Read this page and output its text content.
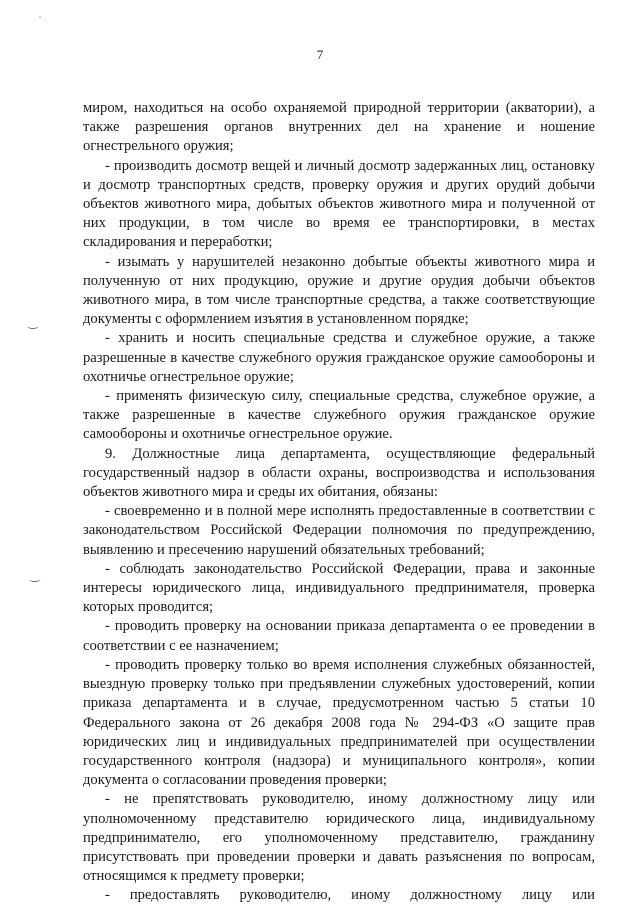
·
‿
‿
7

миром, находиться на особо охраняемой природной территории (акватории), а также разрешения органов внутренних дел на хранение и ношение огнестрельного оружия;

- производить досмотр вещей и личный досмотр задержанных лиц, остановку и досмотр транспортных средств, проверку оружия и других орудий добычи объектов животного мира, добытых объектов животного мира и полученной от них продукции, в том числе во время ее транспортировки, в местах складирования и переработки;

- изымать у нарушителей незаконно добытые объекты животного мира и полученную от них продукцию, оружие и другие орудия добычи объектов животного мира, в том числе транспортные средства, а также соответствующие документы с оформлением изъятия в установленном порядке;

- хранить и носить специальные средства и служебное оружие, а также разрешенные в качестве служебного оружия гражданское оружие самообороны и охотничье огнестрельное оружие;

- применять физическую силу, специальные средства, служебное оружие, а также разрешенные в качестве служебного оружия гражданское оружие самообороны и охотничье огнестрельное оружие.

9. Должностные лица департамента, осуществляющие федеральный государственный надзор в области охраны, воспроизводства и использования объектов животного мира и среды их обитания, обязаны:

- своевременно и в полной мере исполнять предоставленные в соответствии с законодательством Российской Федерации полномочия по предупреждению, выявлению и пресечению нарушений обязательных требований;

- соблюдать законодательство Российской Федерации, права и законные интересы юридического лица, индивидуального предпринимателя, проверка которых проводится;

- проводить проверку на основании приказа департамента о ее проведении в соответствии с ее назначением;

- проводить проверку только во время исполнения служебных обязанностей, выездную проверку только при предъявлении служебных удостоверений, копии приказа департамента и в случае, предусмотренном частью 5 статьи 10 Федерального закона от 26 декабря 2008 года № 294-ФЗ «О защите прав юридических лиц и индивидуальных предпринимателей при осуществлении государственного контроля (надзора) и муниципального контроля», копии документа о согласовании проведения проверки;

- не препятствовать руководителю, иному должностному лицу или уполномоченному представителю юридического лица, индивидуальному предпринимателю, его уполномоченному представителю, гражданину присутствовать при проведении проверки и давать разъяснения по вопросам, относящимся к предмету проверки;

- предоставлять руководителю, иному должностному лицу или
